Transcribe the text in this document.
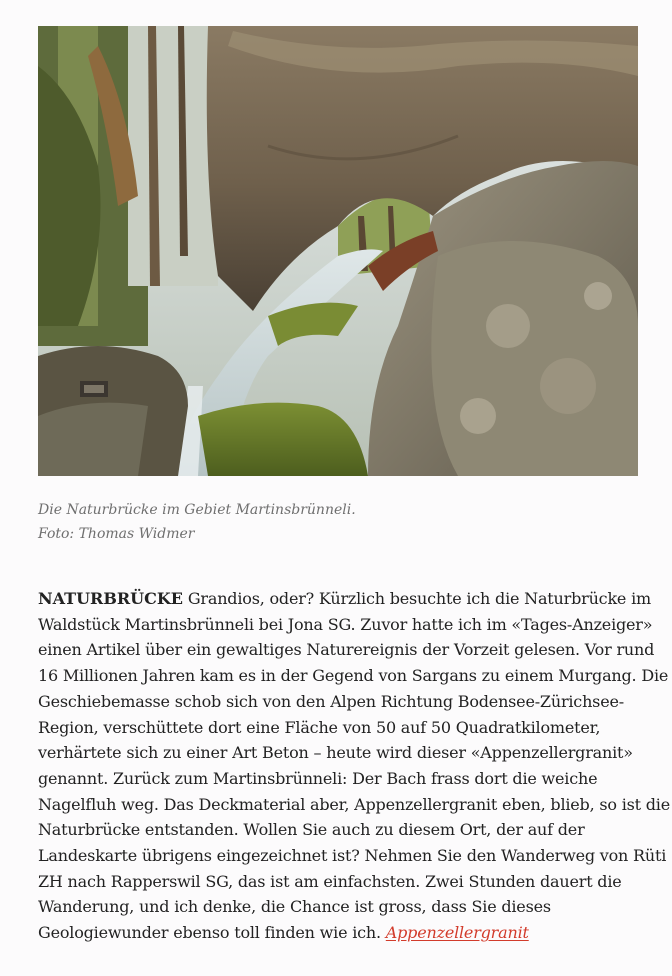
Die Naturbrücke im Gebiet Martinsbrünneli.
Foto: Thomas Widmer
NATURBRÜCKE Grandios, oder? Kürzlich besuchte ich die Naturbrücke im
Waldstück Martinsbrünneli bei Jona SG. Zuvor hatte ich im «Tages-Anzeiger»
einen Artikel über ein gewaltiges Naturereignis der Vorzeit gelesen. Vor rund
16 Millionen Jahren kam es in der Gegend von Sargans zu einem Murgang. Die
Geschiebemasse schob sich von den Alpen Richtung Bodensee-Zürichsee-
Region, verschüttete dort eine Fläche von 50 auf 50 Quadratkilometer,
verhärtete sich zu einer Art Beton – heute wird dieser «Appenzellergranit»
genannt. Zurück zum Martinsbrünneli: Der Bach frass dort die weiche
Nagelfluh weg. Das Deckmaterial aber, Appenzellergranit eben, blieb, so ist die
Naturbrücke entstanden. Wollen Sie auch zu diesem Ort, der auf der
Landeskarte übrigens eingezeichnet ist? Nehmen Sie den Wanderweg von Rüti
ZH nach Rapperswil SG, das ist am einfachsten. Zwei Stunden dauert die
Wanderung, und ich denke, die Chance ist gross, dass Sie dieses
Geologiewunder ebenso toll finden wie ich. Appenzellergranit
